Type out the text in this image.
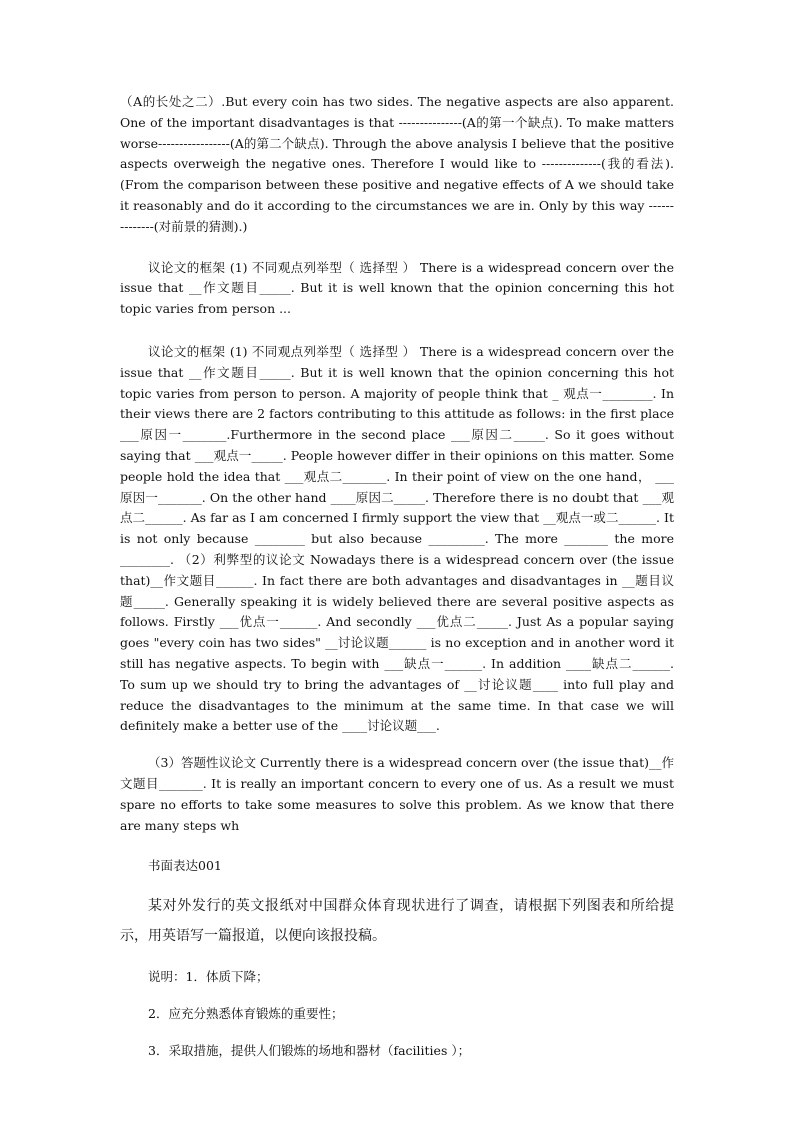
（A的长处之二）.But every coin has two sides. The negative aspects are also apparent. One of the important disadvantages is that ---------------(A的第一个缺点). To make matters worse-----------------(A的第二个缺点). Through the above analysis I believe that the positive aspects overweigh the negative ones. Therefore I would like to --------------(我的看法).(From the comparison between these positive and negative effects of A we should take it reasonably and do it according to the circumstances we are in. Only by this way --------------(对前景的猜测).)

议论文的框架 (1) 不同观点列举型（ 选择型 ） There is a widespread concern over the issue that __作文题目_____. But it is well known that the opinion concerning this hot topic varies from person ...

议论文的框架 (1) 不同观点列举型（ 选择型 ） There is a widespread concern over the issue that __作文题目_____. But it is well known that the opinion concerning this hot topic varies from person to person. A majority of people think that _ 观点一________. In their views there are 2 factors contributing to this attitude as follows: in the first place ___原因一_______.Furthermore in the second place ___原因二_____. So it goes without saying that ___观点一_____. People however differ in their opinions on this matter. Some people hold the idea that ___观点二_______. In their point of view on the one hand， ___原因一_______. On the other hand ____原因二_____. Therefore there is no doubt that ___观点二______. As far as I am concerned I firmly support the view that __观点一或二______. It is not only because ________ but also because _________. The more _______ the more ________. （2）利弊型的议论文 Nowadays there is a widespread concern over (the issue that)__作文题目______. In fact there are both advantages and disadvantages in __题目议题_____. Generally speaking it is widely believed there are several positive aspects as follows. Firstly ___优点一______. And secondly ___优点二_____. Just As a popular saying goes "every coin has two sides" __讨论议题______ is no exception and in another word it still has negative aspects. To begin with ___缺点一______. In addition ____缺点二______. To sum up we should try to bring the advantages of __讨论议题____ into full play and reduce the disadvantages to the minimum at the same time. In that case we will definitely make a better use of the ____讨论议题___.

（3）答题性议论文 Currently there is a widespread concern over (the issue that)__作文题目_______. It is really an important concern to every one of us. As a result we must spare no efforts to take some measures to solve this problem. As we know that there are many steps wh

书面表达001

某对外发行的英文报纸对中国群众体育现状进行了调查，请根据下列图表和所给提示，用英语写一篇报道，以便向该报投稿。

说明：1．体质下降；

2．应充分熟悉体育锻炼的重要性；

3．采取措施，提供人们锻炼的场地和器材（facilities ）；
